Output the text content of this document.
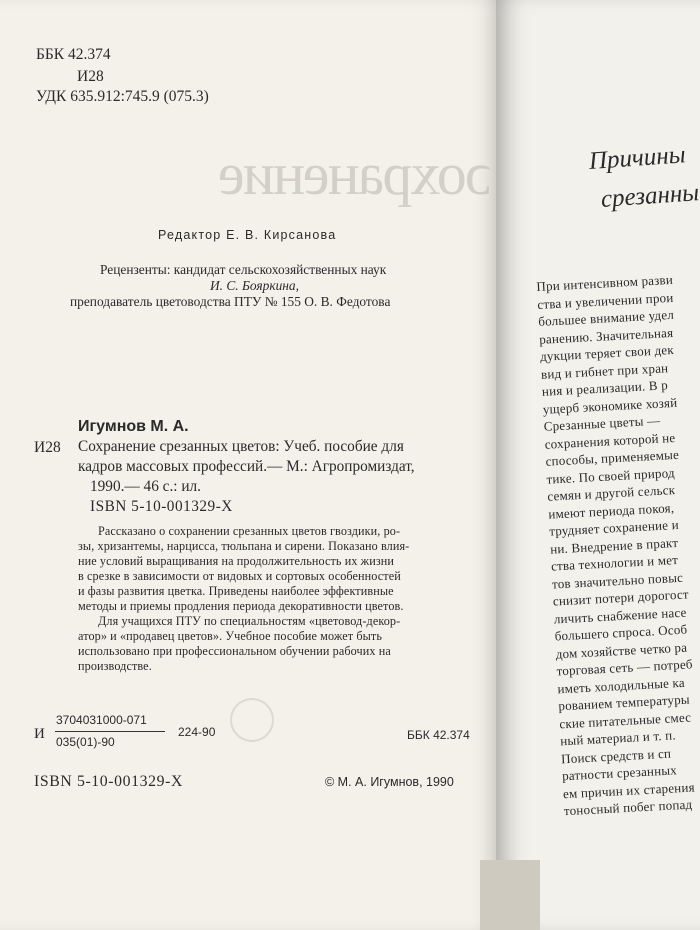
ɔохранение
ББК 42.374
И28
УДК 635.912:745.9 (075.3)
Редактор Е. В. Кирсанова
Рецензенты: кандидат сельскохозяйственных наук
И. С. Бояркина,
преподаватель цветоводства ПТУ № 155 О. В. Федотова
Игумнов М. А.
И28 Сохранение срезанных цветов: Учеб. пособие для
кадров массовых профессий.— М.: Агропромиздат,
1990.— 46 с.: ил.
ISBN 5-10-001329-X

Рассказано о сохранении срезанных цветов гвоздики, ро-

зы, хризантемы, нарцисса, тюльпана и сирени. Показано влия-

ние условий выращивания на продолжительность их жизни

в срезке в зависимости от видовых и сортовых особенностей

и фазы развития цветка. Приведены наиболее эффективные

методы и приемы продления периода декоративности цветов.

Для учащихся ПТУ по специальностям «цветовод-декор-

атор» и «продавец цветов». Учебное пособие может быть

использовано при профессиональном обучении рабочих на

производстве.

И
3704031000-071
035(01)-90
224-90	ББК 42.374
ISBN 5-10-001329-X	© М. А. Игумнов, 1990
Причины
срезанны
При интенсивном разви
ства и увеличении прои
большее внимание удел
ранению. Значительная
дукции теряет свои дек
вид и гибнет при хран
ния и реализации. В р
ущерб экономике хозяй
Срезанные цветы —
сохранения которой не
способы, применяемые
тике. По своей природ
семян и другой сельск
имеют периода покоя,
трудняет сохранение и
ни. Внедрение в практ
ства технологии и мет
тов значительно повыс
снизит потери дорогост
личить снабжение насе
большего спроса. Особ
дом хозяйстве четко ра
торговая сеть — потреб
иметь холодильные ка
рованием температуры
ские питательные смес
ный материал и т. п.
Поиск средств и сп
ратности срезанных
ем причин их старения
тоносный побег попад
